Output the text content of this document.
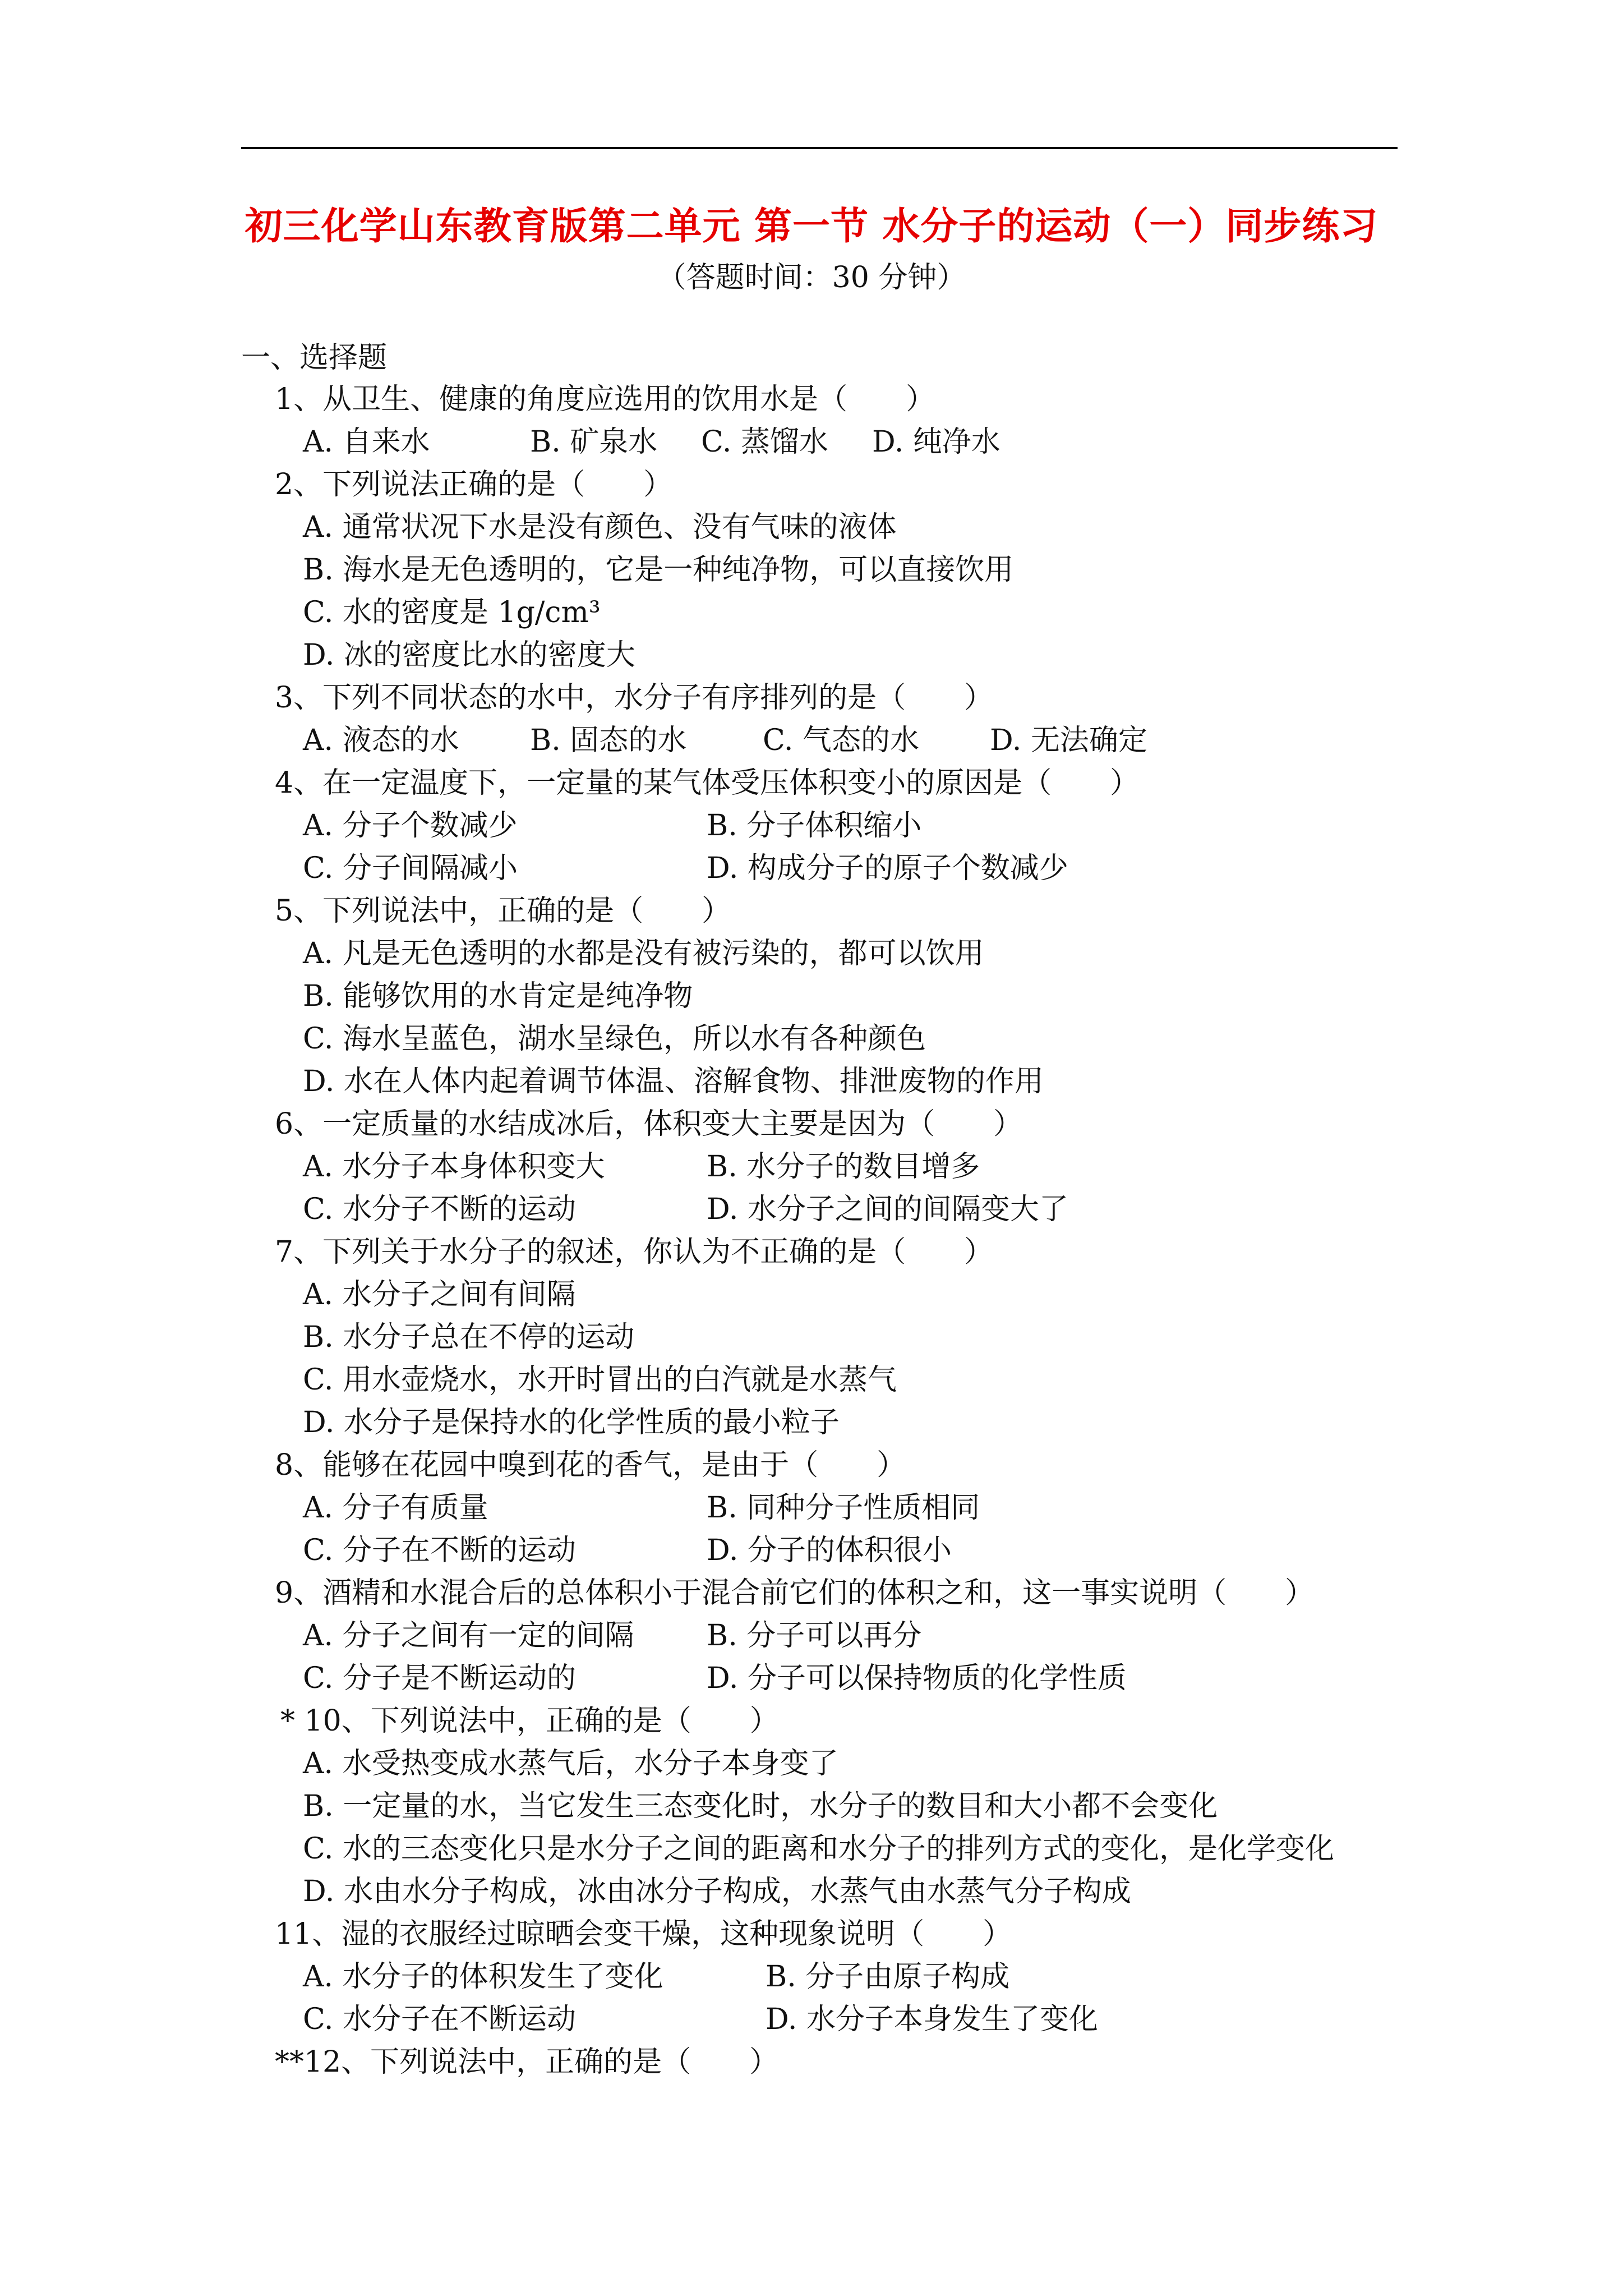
初三化学山东教育版第二单元 第一节 水分子的运动（一）同步练习
（答题时间：30 分钟）
一、选择题
1、从卫生、健康的角度应选用的饮用水是（　　）
A. 自来水	B. 矿泉水 C. 蒸馏水 D. 纯净水
2、下列说法正确的是（　　）
A. 通常状况下水是没有颜色、没有气味的液体
B. 海水是无色透明的，它是一种纯净物，可以直接饮用
C. 水的密度是 1g/cm³
D. 冰的密度比水的密度大
3、下列不同状态的水中，水分子有序排列的是（　　）
A. 液态的水 B. 固态的水	C. 气态的水 D. 无法确定
4、在一定温度下，一定量的某气体受压体积变小的原因是（　　）
A. 分子个数减少	B. 分子体积缩小
C. 分子间隔减小	D. 构成分子的原子个数减少
5、下列说法中，正确的是（　　）
A. 凡是无色透明的水都是没有被污染的，都可以饮用
B. 能够饮用的水肯定是纯净物
C. 海水呈蓝色，湖水呈绿色，所以水有各种颜色
D. 水在人体内起着调节体温、溶解食物、排泄废物的作用
6、一定质量的水结成冰后，体积变大主要是因为（　　）
A. 水分子本身体积变大	B. 水分子的数目增多
C. 水分子不断的运动	D. 水分子之间的间隔变大了
7、下列关于水分子的叙述，你认为不正确的是（　　）
A. 水分子之间有间隔
B. 水分子总在不停的运动
C. 用水壶烧水，水开时冒出的白汽就是水蒸气
D. 水分子是保持水的化学性质的最小粒子
8、能够在花园中嗅到花的香气，是由于（　　）
A. 分子有质量	B. 同种分子性质相同
C. 分子在不断的运动	D. 分子的体积很小
9、酒精和水混合后的总体积小于混合前它们的体积之和，这一事实说明（　　）
A. 分子之间有一定的间隔 B. 分子可以再分
C. 分子是不断运动的	D. 分子可以保持物质的化学性质
* 10、下列说法中，正确的是（　　）
A. 水受热变成水蒸气后，水分子本身变了
B. 一定量的水，当它发生三态变化时，水分子的数目和大小都不会变化
C. 水的三态变化只是水分子之间的距离和水分子的排列方式的变化，是化学变化
D. 水由水分子构成，冰由冰分子构成，水蒸气由水蒸气分子构成
11、湿的衣服经过晾晒会变干燥，这种现象说明（　　）
A. 水分子的体积发生了变化	B. 分子由原子构成
C. 水分子在不断运动	D. 水分子本身发生了变化
**12、下列说法中，正确的是（　　）
